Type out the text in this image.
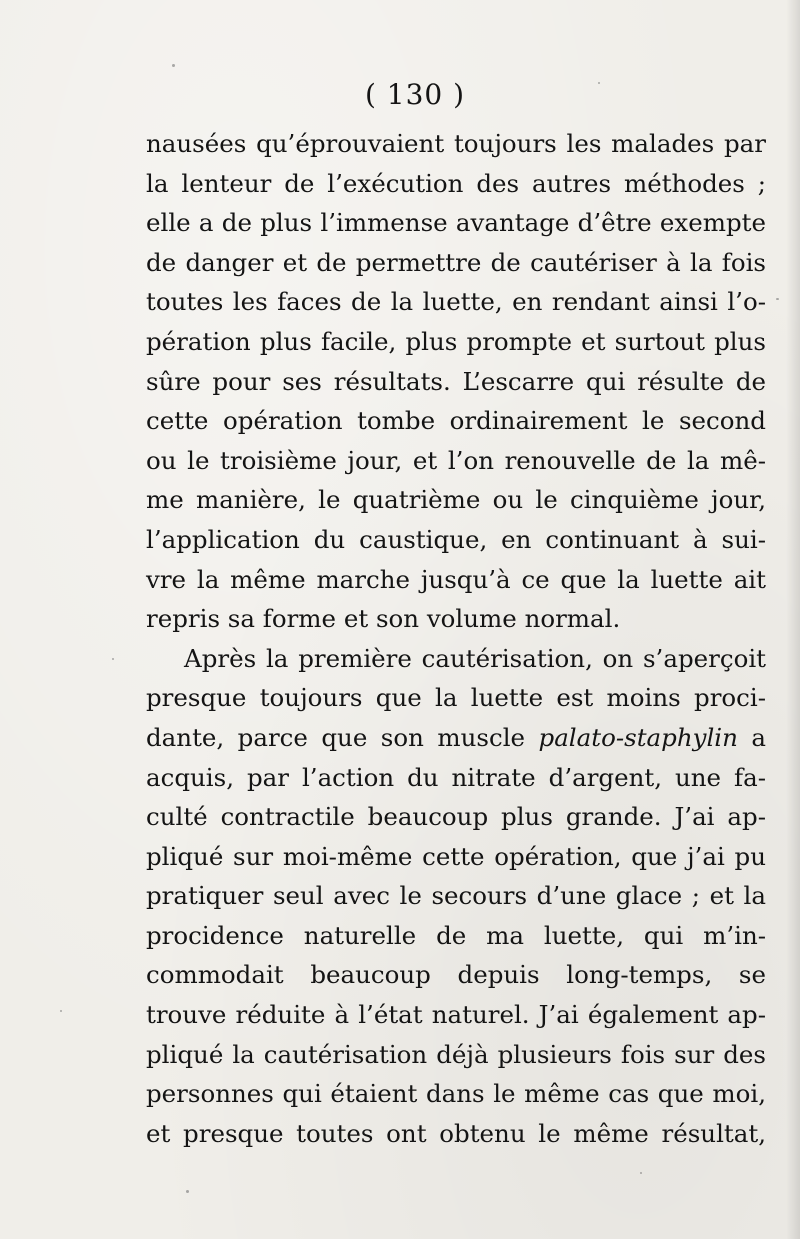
( 130 )
nausées qu’éprouvaient toujours les malades par
la lenteur de l’exécution des autres méthodes ;
elle a de plus l’immense avantage d’être exempte
de danger et de permettre de cautériser à la fois
toutes les faces de la luette, en rendant ainsi l’o-
pération plus facile, plus prompte et surtout plus
sûre pour ses résultats. L’escarre qui résulte de
cette opération tombe ordinairement le second
ou le troisième jour, et l’on renouvelle de la mê-
me manière, le quatrième ou le cinquième jour,
l’application du caustique, en continuant à sui-
vre la même marche jusqu’à ce que la luette ait
repris sa forme et son volume normal.
Après la première cautérisation, on s’aperçoit
presque toujours que la luette est moins proci-
dante, parce que son muscle palato-staphylin a
acquis, par l’action du nitrate d’argent, une fa-
culté contractile beaucoup plus grande. J’ai ap-
pliqué sur moi-même cette opération, que j’ai pu
pratiquer seul avec le secours d’une glace ; et la
procidence naturelle de ma luette, qui m’in-
commodait beaucoup depuis long-temps, se
trouve réduite à l’état naturel. J’ai également ap-
pliqué la cautérisation déjà plusieurs fois sur des
personnes qui étaient dans le même cas que moi,
et presque toutes ont obtenu le même résultat,
